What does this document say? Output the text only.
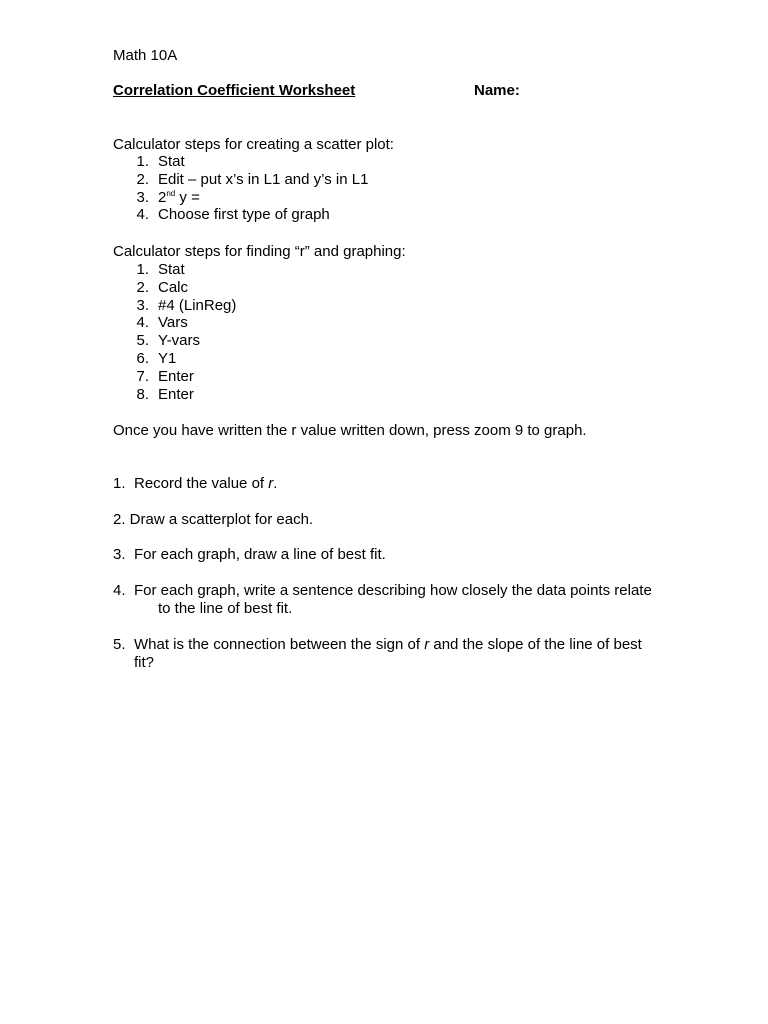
Math 10A
Correlation Coefficient Worksheet	Name:
Calculator steps for creating a scatter plot:
1. Stat
2. Edit – put x’s in L1 and y’s in L1
3. 2nd y =
4. Choose first type of graph
Calculator steps for finding “r” and graphing:
1. Stat
2. Calc
3. #4 (LinReg)
4. Vars
5. Y-vars
6. Y1
7. Enter
8. Enter
Once you have written the r value written down, press zoom 9 to graph.
1. Record the value of r.
2. Draw a scatterplot for each.
3. For each graph, draw a line of best fit.
4. For each graph, write a sentence describing how closely the data points relate
to the line of best fit.
5. What is the connection between the sign of r and the slope of the line of best fit?
